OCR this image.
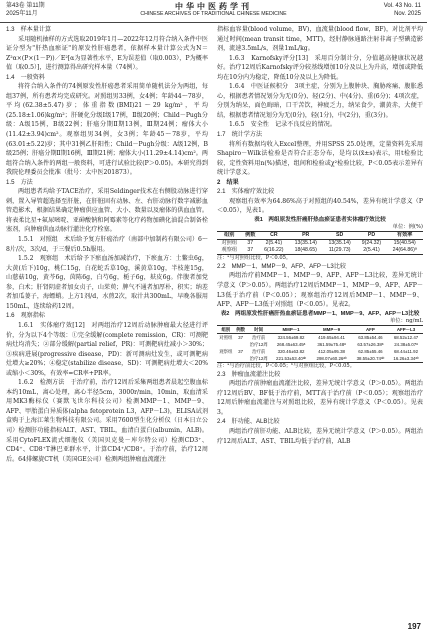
第43卷 第11期
2025年11月
中华中医药学刊
CHINESE ARCHIVES OF TRADITIONAL CHINESE MEDICINE
Vol. 43 No. 11
Nov. 2025
1.3　样本量计算

采用随机抽样的方式选取2019年1月—2022年12月符合纳入条件中医证分型为"肝热血瘀证"的原发性肝癌患者，依据样本量计算公式为N＝Z²α×(P×(1－P))／E²[α为显著性水平，E为误差值（取0.003），P为概率值（取0.5）]，进行测算得出研究样本量（74例）。

1.4　一般资料

将符合纳入条件的74例原发性肝癌患者采用简单随机法分为两组，每组37例，所有患者均完成研究。对照组男33例，女4例；年龄44～78岁，平均(62.38±5.47)岁；体重指数(BMI)21～29 kg/m²，平均(25.18±1.06)kg/m²；肝硬化分级Ⅰ级17例，Ⅱ级20例；Child－Pugh分级：A级15例，B级22例；肝癌分期Ⅱ期13例，Ⅲ期24例；瘤体大小(11.42±3.94)cm²。观察组男34例，女3例；年龄45～78岁，平均(63.01±5.22)岁；其中31例乙肝阳性；Child－Pugh分级：A级12例，B级25例；肝癌分期Ⅱ期16例，Ⅲ期21例；瘤体大小(11.29±4.14)cm²。两组符合纳入条件的两组一般资料，可进行试验比较(P＞0.05)。本研究得到我院伦理委员会批准（批号：太中医201873）。

1.5　方法

两组患者均给予TACE治疗，采用Seldinger技术在右侧股动脉进行穿刺，置入导管超选择至肝脏，在肝脏固有动脉、左、右肝动脉行数字减影血管造影术，根据结果确定肿瘤供应血管、大小、数量以及瘤体的供血血管。将表柔比星+氟尿嘧啶、亚砷酸钠和阿霉素等化疗药物加碘化油混合制备栓塞剂，向肿瘤供血动脉行灌注化疗栓塞。

1.5.1　对照组　术后给予复方肝癌治疗（南部中加制药有限公司）6～8片/次，3次/d，于三餐后0.5h服用。

1.5.2　观察组　术后给予下瘀血汤加减治疗，下瘀血方：土鳖虫6g，大黄(后下)10g，桃仁15g，白花蛇舌草10g，溪黄草10g，半枝莲15g，山慈菇10g，黄芩6g，茵陈6g，白芍6g，栀子6g，麸皮6g。伴腹者加党参，白术；肝肾阴虚者加女贞子，山茱萸；脾气不通者加厚朴，积实；纳差者加瓜蒌子，海螵蛸。上方1剂/d，水煎2次，取汁共300mL，早晚各服用150mL，连续给药12周。

1.6　观察指标

1.6.1　实体瘤疗效[12]　对两组治疗12周后动脉肿瘤最大径进行评价，分为以下4个等级：①完全缓解(complete remission，CR)：可测靶病灶均消失；②部分缓解(partial relief，PR)：可测靶病灶减小＞30%；③疾病进展(progressive disease，PD)：新可测病灶发生，或可测靶病灶增大≥20%；④稳定(stabilize disease，SD)：可测靶病灶增大＜20%或缩小＜30%，有效率=CR率+PR率。

1.6.2　检测方法　于治疗前，治疗12周后采集两组患者晨起空腹血标本约10mL，离心处理，离心半径5cm，3000r/min，10min，取血清采用MK3酶标仪（赛默飞世尔科技公司）检测MMP－1、MMP－9、AFP、甲胎蛋白异质体(alpha fetoprotein L3，AFP－L3)，ELISA试剂盒购于上海江莱生物科技有限公司。采用7600型生化分析仪（日本日立公司）检测肝功能指标ALT、AST、TBIL，血清白蛋白(albumin，ALB)。采用CytoFLEX流式细胞仪（美国贝克曼－库尔特公司）检测CD3⁺、CD4⁺、CD8⁺T淋巴亚群水平，计算CD4⁺/CD8⁺。于治疗前，治疗12周后。64排螺旋CT机（美国GE公司）检测两组肿瘤血流灌注

指标血容量(blood volume，BV)，血流量(blood flow，BF)，对比剂平均通过时间(mean transit time，MTT)，经肘静脉通路注射非离子型碘造影剂，流速3.5mL/s，剂量1mL/kg。

1.6.3　Karnofsky评分[13]　采用百分制计分，分值越高健康状况越好。治疗12周后Karnofsky评分较基线增加10分及以上为升高，增加或降低均在10分内为稳定，降低10分及以上为降低。

1.6.4　中医证候积分　3项主症，分别为上腹肿块、胸胁疼痛、腹胀悉心，根据患者情况划分为无(0分)、轻(2分)、中(4分)、重(6分)；4项次症，分别为纳呆，面色晦暗，口干苦饮，神疲乏力，纳呆食少，潮黄赤，大便干结，根据患者情况划分为无(0分)，轻(1分)，中(2分)，重(3分)。

1.6.5　安全性　记录不良反应的情况。

1.7　统计学方法

将所有数据均收入Excel整理，并用SPSS 25.0处理，定量资料先采用Shapiro－Wilk法检验是否符合正态分布，是均以(x̄±s)表示，用t检验比较，定性资料用n(%)描述，组间和检验或χ²检验比较，P＜0.05表示差异有统计学意义。

2　结果
2.1　实体瘤疗效比较

观察组有效率为64.86%高于对照组的40.54%，差异有统计学意义（P＜0.05），见表1。

表1　两组原发性肝癌肝热血瘀证患者实体瘤疗效比较
单位：例(%)
组别	例数	CR	PR	SD	PD	有效率
对照组	37	2(5.41)	13(35.14)	13(35.14)	9(24.32)	15(40.54)
观察组	37	6(16.22)	18(48.65)	11(29.73)	2(5.41)	24(64.86)ᵃ
注：ᵃ与对照组比较，P＜0.05。
2.2　MMP－1、MMP－9、AFP、AFP－L3比较

两组治疗前MMP－1、MMP－9、AFP、AFP－L3比较，差异无统计学意义（P＞0.05）。两组治疗12周后MMP－1、MMP－9、AFP、AFP－L3低于治疗前（P＜0.05）；观察组治疗12周后MMP－1、MMP－9、AFP、AFP－L3低于对照组（P＜0.05）。见表2。

表2　两组原发性肝癌肝热血瘀证患者MMP－1、MMP－9、AFP、AFP－L3比较
单位：ng/mL
组别	例数	时间	MMP－1	MMP－9	AFP	AFP－L3
对照组	37	治疗前	324.56±69.82	419.65±94.41	63.85±54.46	68.52±12.47
		治疗12周	268.45±63.45ᵃ	361.59±75.48ᵃ	63.57±26.38ᵃ	24.38±5.07ᵃ
观察组	37	治疗前	320.46±63.82	412.05±95.38	62.85±55.46	68.44±11.92
		治疗12周	221.53±53.40ᵃᵇ	298.07±60.26ᵃᵇ	38.55±20.74ᵃᵇ	16.26±3.34ᵃᵇ
注：ᵃ与治疗前比较，P＜0.05；ᵇ与对照组比较，P＜0.05。
2.3　肿瘤血流灌注比较

两组治疗前肿瘤血流灌注比较，差异无统计学意义（P＞0.05）。两组治疗12周后BV、BF低于治疗前，MTT高于治疗前（P＜0.05）；观察组治疗12周后肿瘤血流灌注与对照组比较，差异有统计学意义（P＜0.05）。见表3。

2.4　肝功能、ALB比较

两组治疗前肝功能、ALB比较，差异无统计学意义（P＞0.05）。两组治疗12周后ALT、AST、TBIL均低于治疗前，ALB

197
